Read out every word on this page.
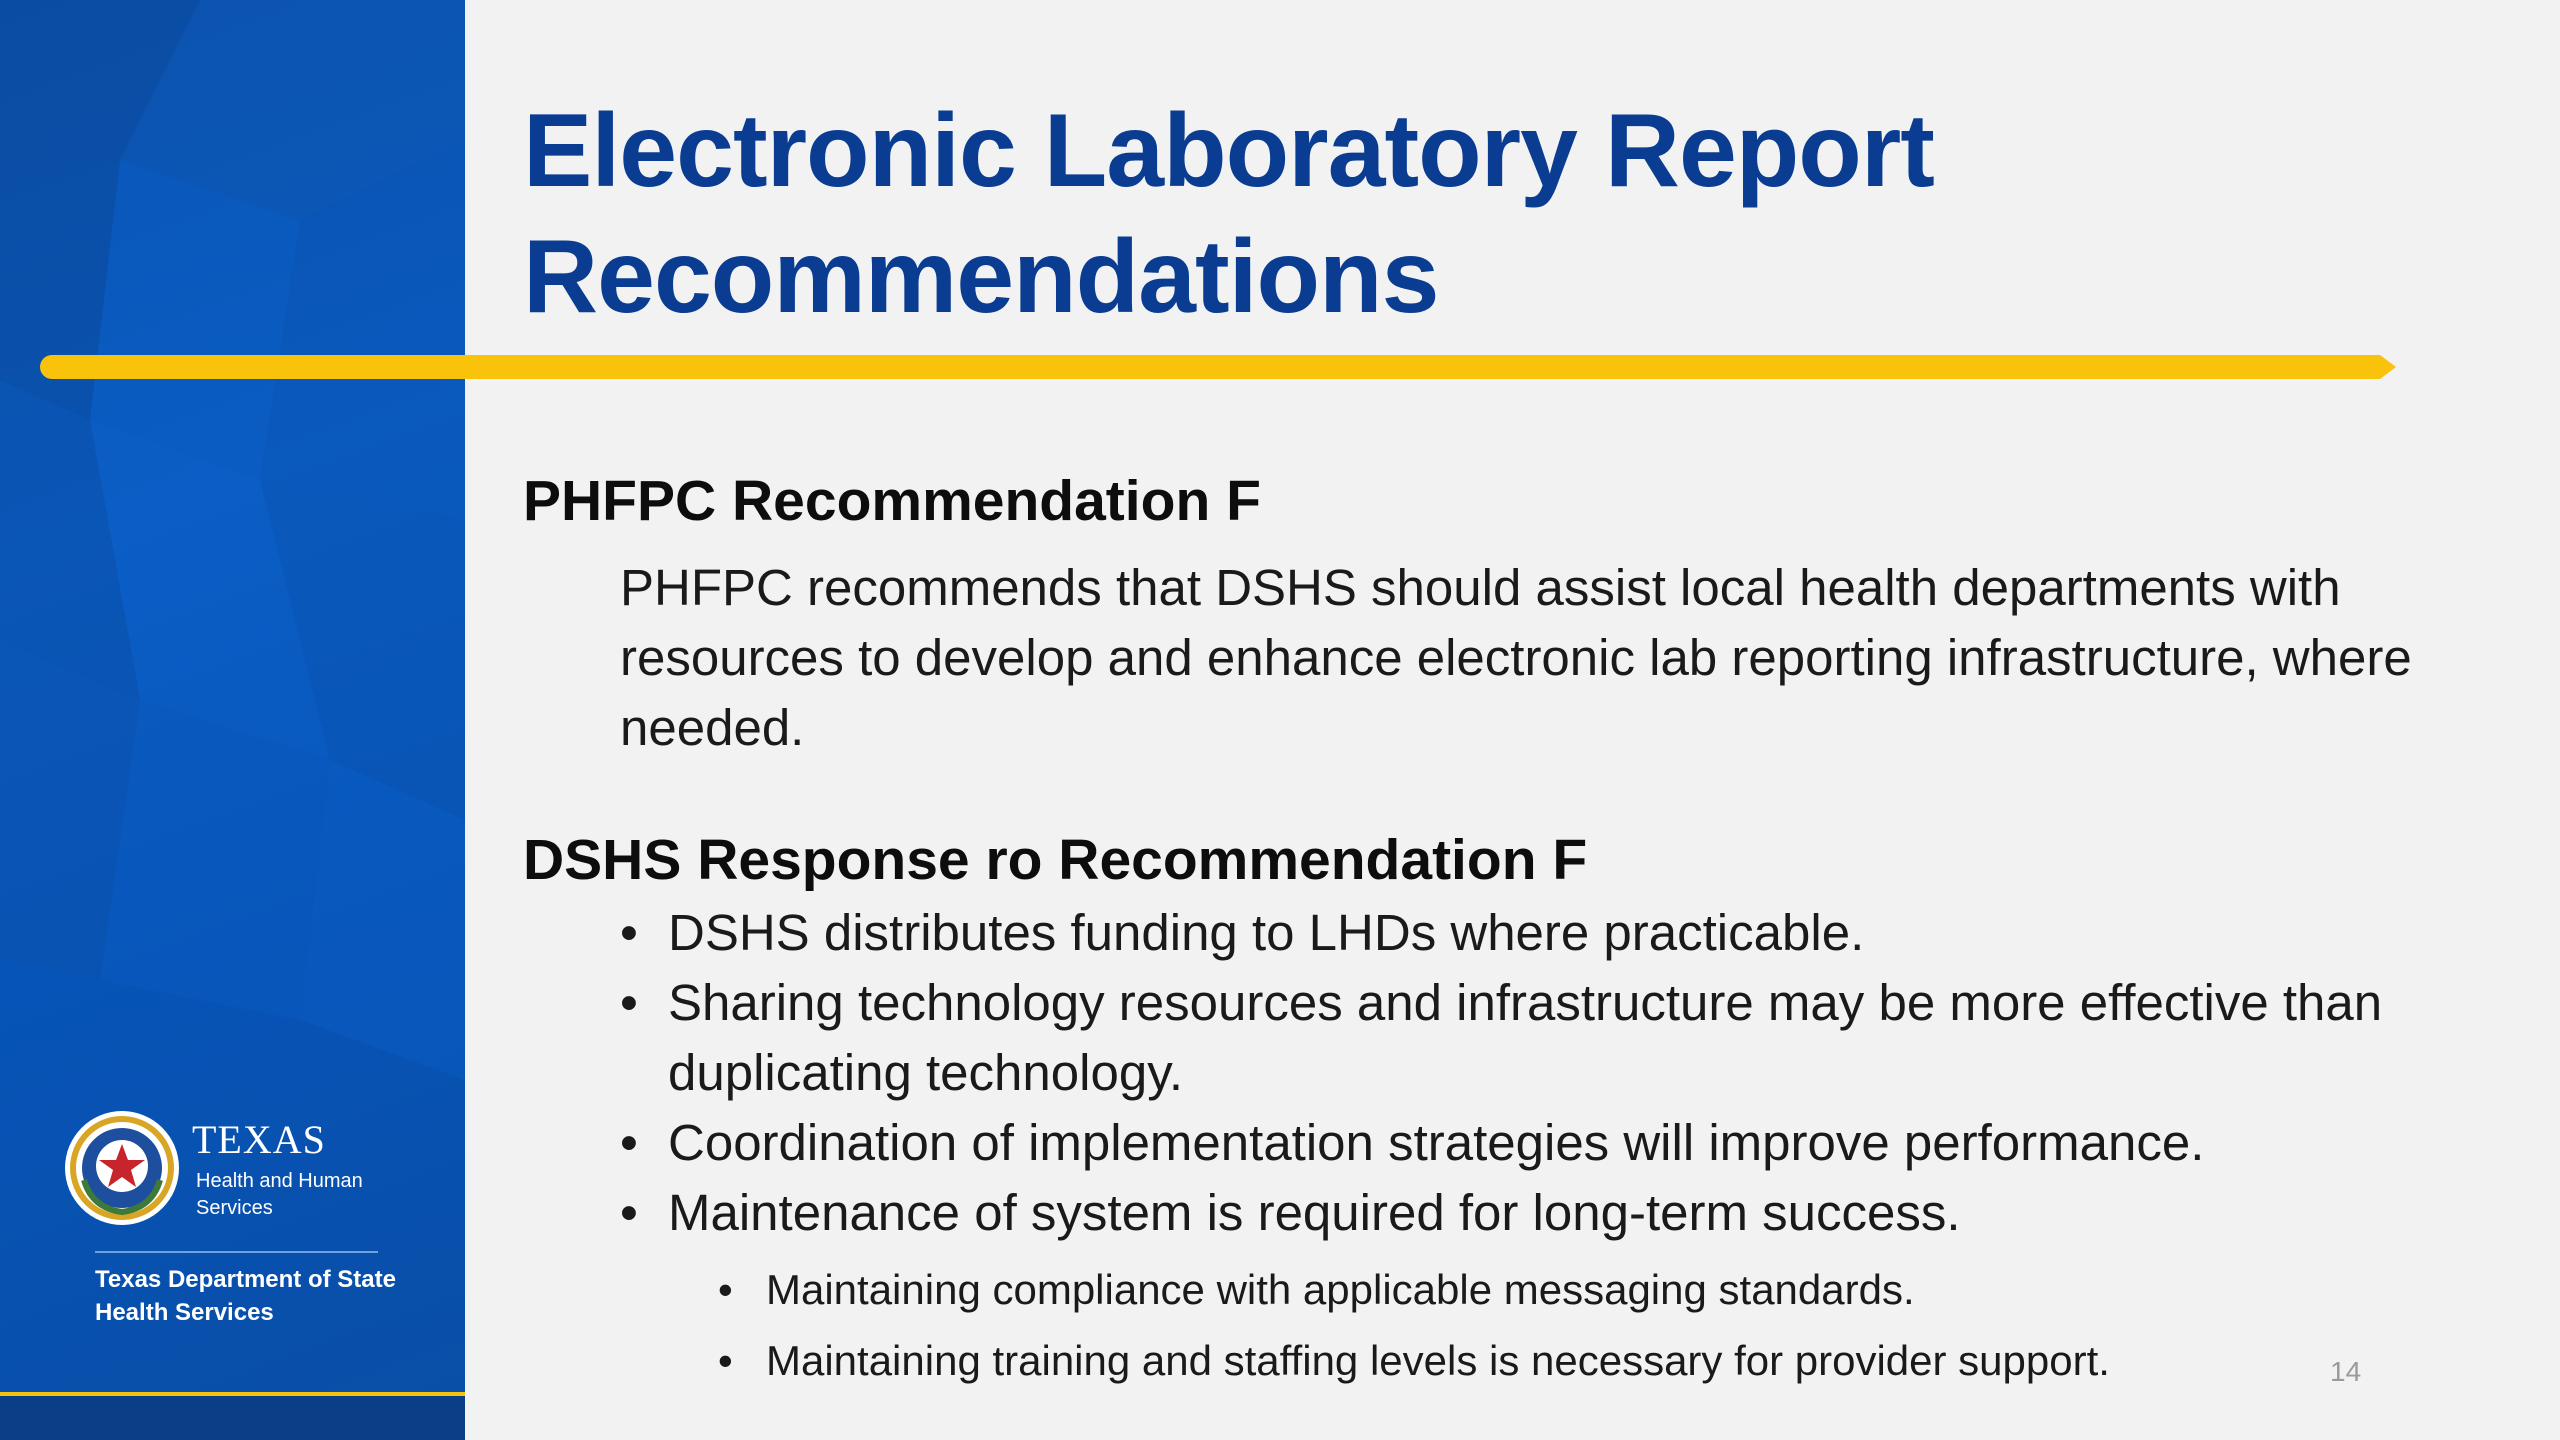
TEXAS
Health and Human Services
Texas Department of State Health Services
Electronic Laboratory Report
Recommendations
PHFPC Recommendation F

PHFPC recommends that DSHS should assist local health departments with resources to develop and enhance electronic lab reporting infrastructure, where needed.

DSHS Response ro Recommendation F
• DSHS distributes funding to LHDs where practicable.
• Sharing technology resources and infrastructure may be more effective than duplicating technology.
• Coordination of implementation strategies will improve performance.
• Maintenance of system is required for long-term success.
• Maintaining compliance with applicable messaging standards.
• Maintaining training and staffing levels is necessary for provider support.	14
